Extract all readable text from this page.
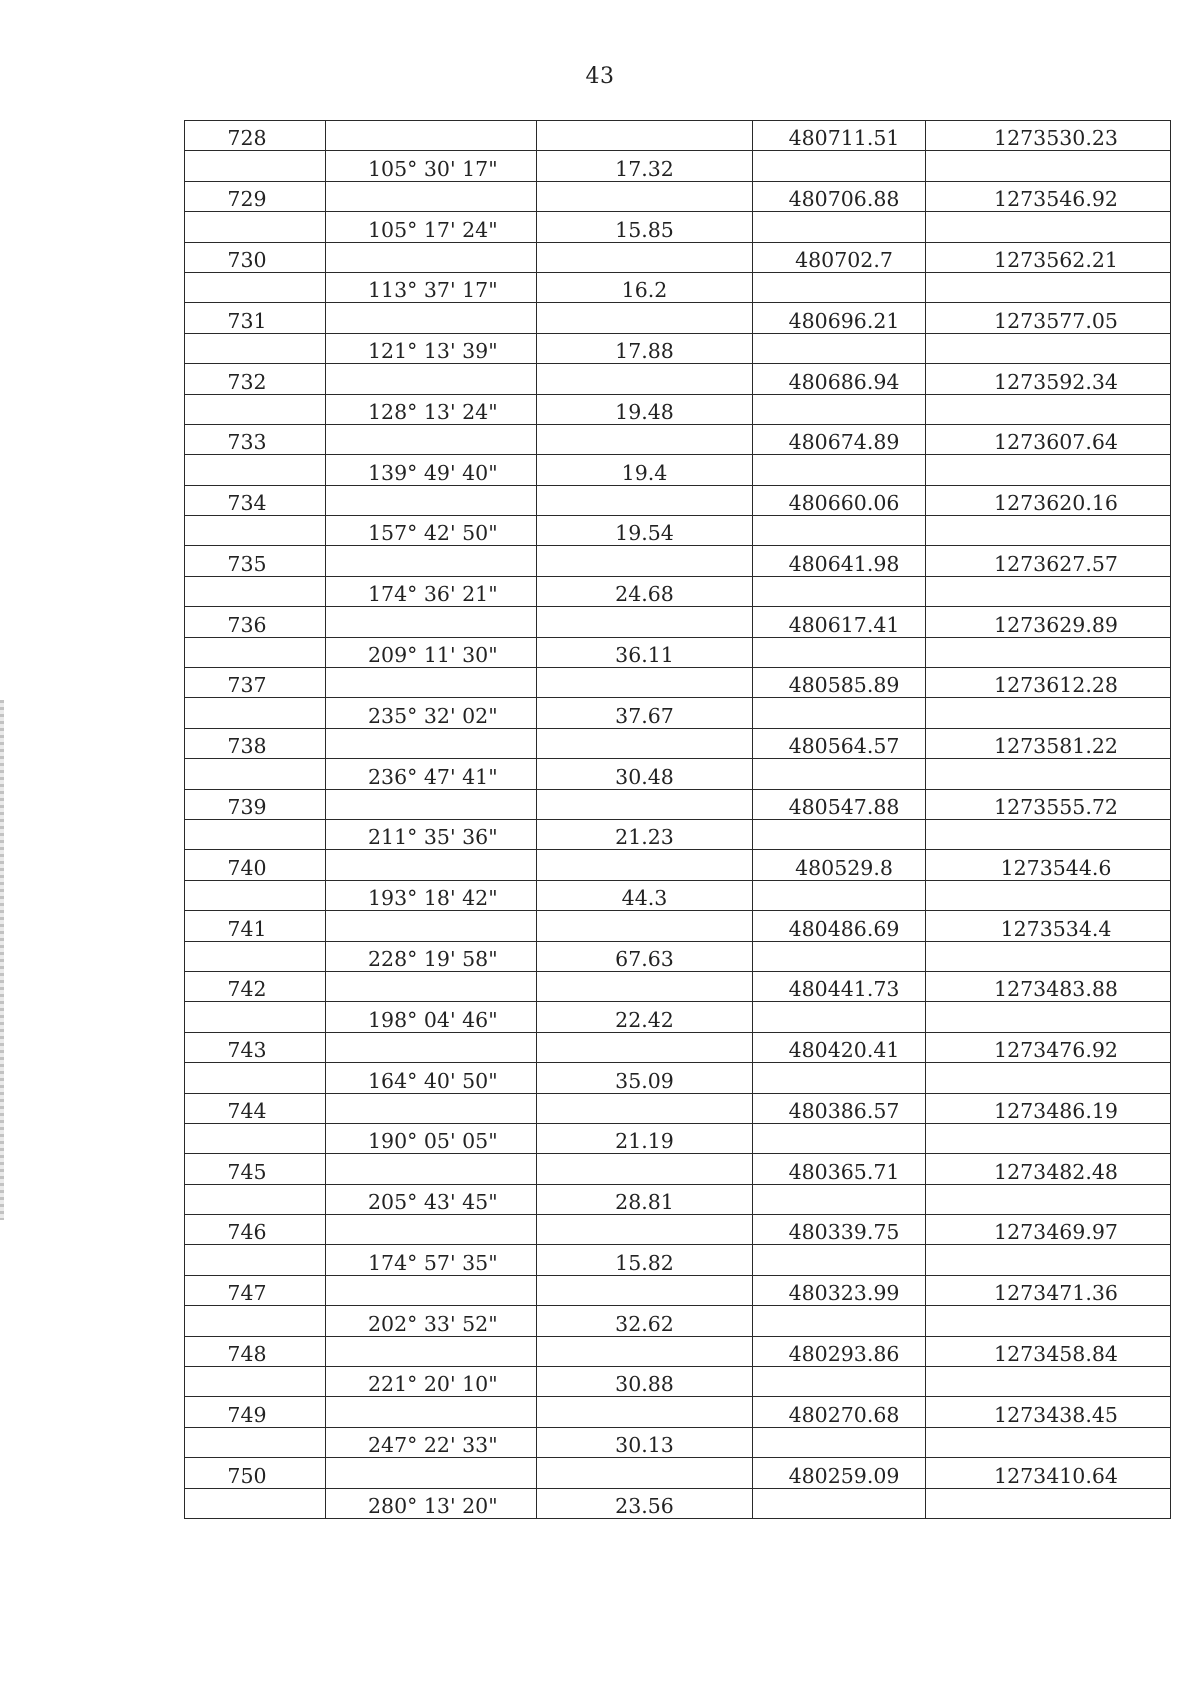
43
728			480711.51	1273530.23
	105° 30' 17"	17.32		
729			480706.88	1273546.92
	105° 17' 24"	15.85		
730			480702.7	1273562.21
	113° 37' 17"	16.2		
731			480696.21	1273577.05
	121° 13' 39"	17.88		
732			480686.94	1273592.34
	128° 13' 24"	19.48		
733			480674.89	1273607.64
	139° 49' 40"	19.4		
734			480660.06	1273620.16
	157° 42' 50"	19.54		
735			480641.98	1273627.57
	174° 36' 21"	24.68		
736			480617.41	1273629.89
	209° 11' 30"	36.11		
737			480585.89	1273612.28
	235° 32' 02"	37.67		
738			480564.57	1273581.22
	236° 47' 41"	30.48		
739			480547.88	1273555.72
	211° 35' 36"	21.23		
740			480529.8	1273544.6
	193° 18' 42"	44.3		
741			480486.69	1273534.4
	228° 19' 58"	67.63		
742			480441.73	1273483.88
	198° 04' 46"	22.42		
743			480420.41	1273476.92
	164° 40' 50"	35.09		
744			480386.57	1273486.19
	190° 05' 05"	21.19		
745			480365.71	1273482.48
	205° 43' 45"	28.81		
746			480339.75	1273469.97
	174° 57' 35"	15.82		
747			480323.99	1273471.36
	202° 33' 52"	32.62		
748			480293.86	1273458.84
	221° 20' 10"	30.88		
749			480270.68	1273438.45
	247° 22' 33"	30.13		
750			480259.09	1273410.64
	280° 13' 20"	23.56		
